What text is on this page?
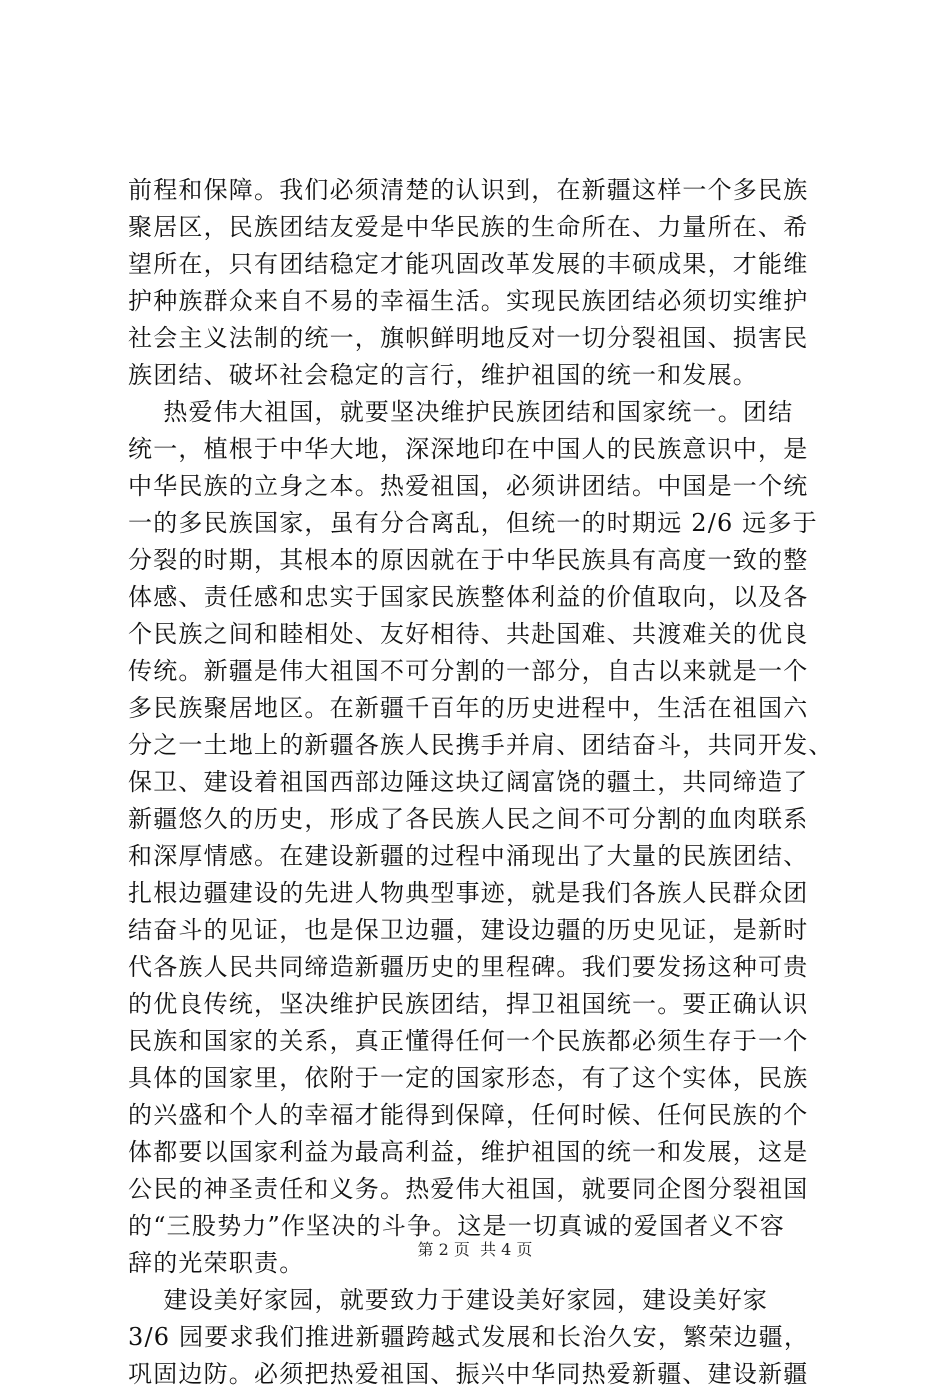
前程和保障。我们必须清楚的认识到，在新疆这样一个多民族
聚居区，民族团结友爱是中华民族的生命所在、力量所在、希
望所在，只有团结稳定才能巩固改革发展的丰硕成果，才能维
护种族群众来自不易的幸福生活。实现民族团结必须切实维护
社会主义法制的统一，旗帜鲜明地反对一切分裂祖国、损害民
族团结、破坏社会稳定的言行，维护祖国的统一和发展。
热爱伟大祖国，就要坚决维护民族团结和国家统一。团结
统一，植根于中华大地，深深地印在中国人的民族意识中，是
中华民族的立身之本。热爱祖国，必须讲团结。中国是一个统
一的多民族国家，虽有分合离乱，但统一的时期远 2/6 远多于
分裂的时期，其根本的原因就在于中华民族具有高度一致的整
体感、责任感和忠实于国家民族整体利益的价值取向，以及各
个民族之间和睦相处、友好相待、共赴国难、共渡难关的优良
传统。新疆是伟大祖国不可分割的一部分，自古以来就是一个
多民族聚居地区。在新疆千百年的历史进程中，生活在祖国六
分之一土地上的新疆各族人民携手并肩、团结奋斗，共同开发、
保卫、建设着祖国西部边陲这块辽阔富饶的疆土，共同缔造了
新疆悠久的历史，形成了各民族人民之间不可分割的血肉联系
和深厚情感。在建设新疆的过程中涌现出了大量的民族团结、
扎根边疆建设的先进人物典型事迹，就是我们各族人民群众团
结奋斗的见证，也是保卫边疆，建设边疆的历史见证，是新时
代各族人民共同缔造新疆历史的里程碑。我们要发扬这种可贵
的优良传统，坚决维护民族团结，捍卫祖国统一。要正确认识
民族和国家的关系，真正懂得任何一个民族都必须生存于一个
具体的国家里，依附于一定的国家形态，有了这个实体，民族
的兴盛和个人的幸福才能得到保障，任何时候、任何民族的个
体都要以国家利益为最高利益，维护祖国的统一和发展，这是
公民的神圣责任和义务。热爱伟大祖国，就要同企图分裂祖国
的“三股势力”作坚决的斗争。这是一切真诚的爱国者义不容
辞的光荣职责。
建设美好家园，就要致力于建设美好家园，建设美好家
3/6 园要求我们推进新疆跨越式发展和长治久安，繁荣边疆，
巩固边防。必须把热爱祖国、振兴中华同热爱新疆、建设新疆
第 2 页  共 4 页
